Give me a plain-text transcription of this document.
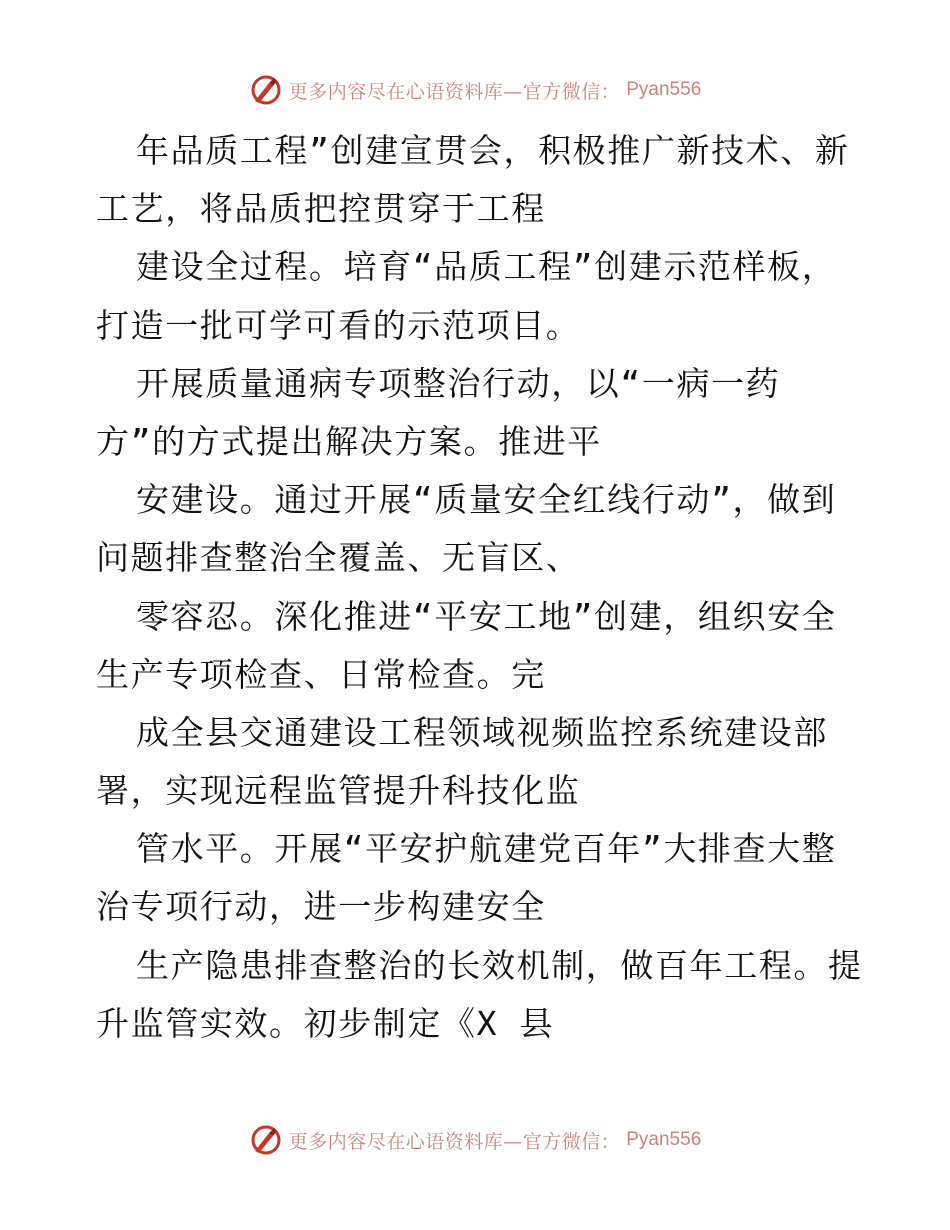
更多内容尽在心语资料库—官方微信： Pyan556
年品质工程”创建宣贯会，积极推广新技术、新
工艺，将品质把控贯穿于工程
建设全过程。培育“品质工程”创建示范样板，
打造一批可学可看的示范项目。
开展质量通病专项整治行动，以“一病一药
方”的方式提出解决方案。推进平
安建设。通过开展“质量安全红线行动”，做到
问题排查整治全覆盖、无盲区、
零容忍。深化推进“平安工地”创建，组织安全
生产专项检查、日常检查。完
成全县交通建设工程领域视频监控系统建设部
署，实现远程监管提升科技化监
管水平。开展“平安护航建党百年”大排查大整
治专项行动，进一步构建安全
生产隐患排查整治的长效机制，做百年工程。提
升监管实效。初步制定《X 县
更多内容尽在心语资料库—官方微信： Pyan556
